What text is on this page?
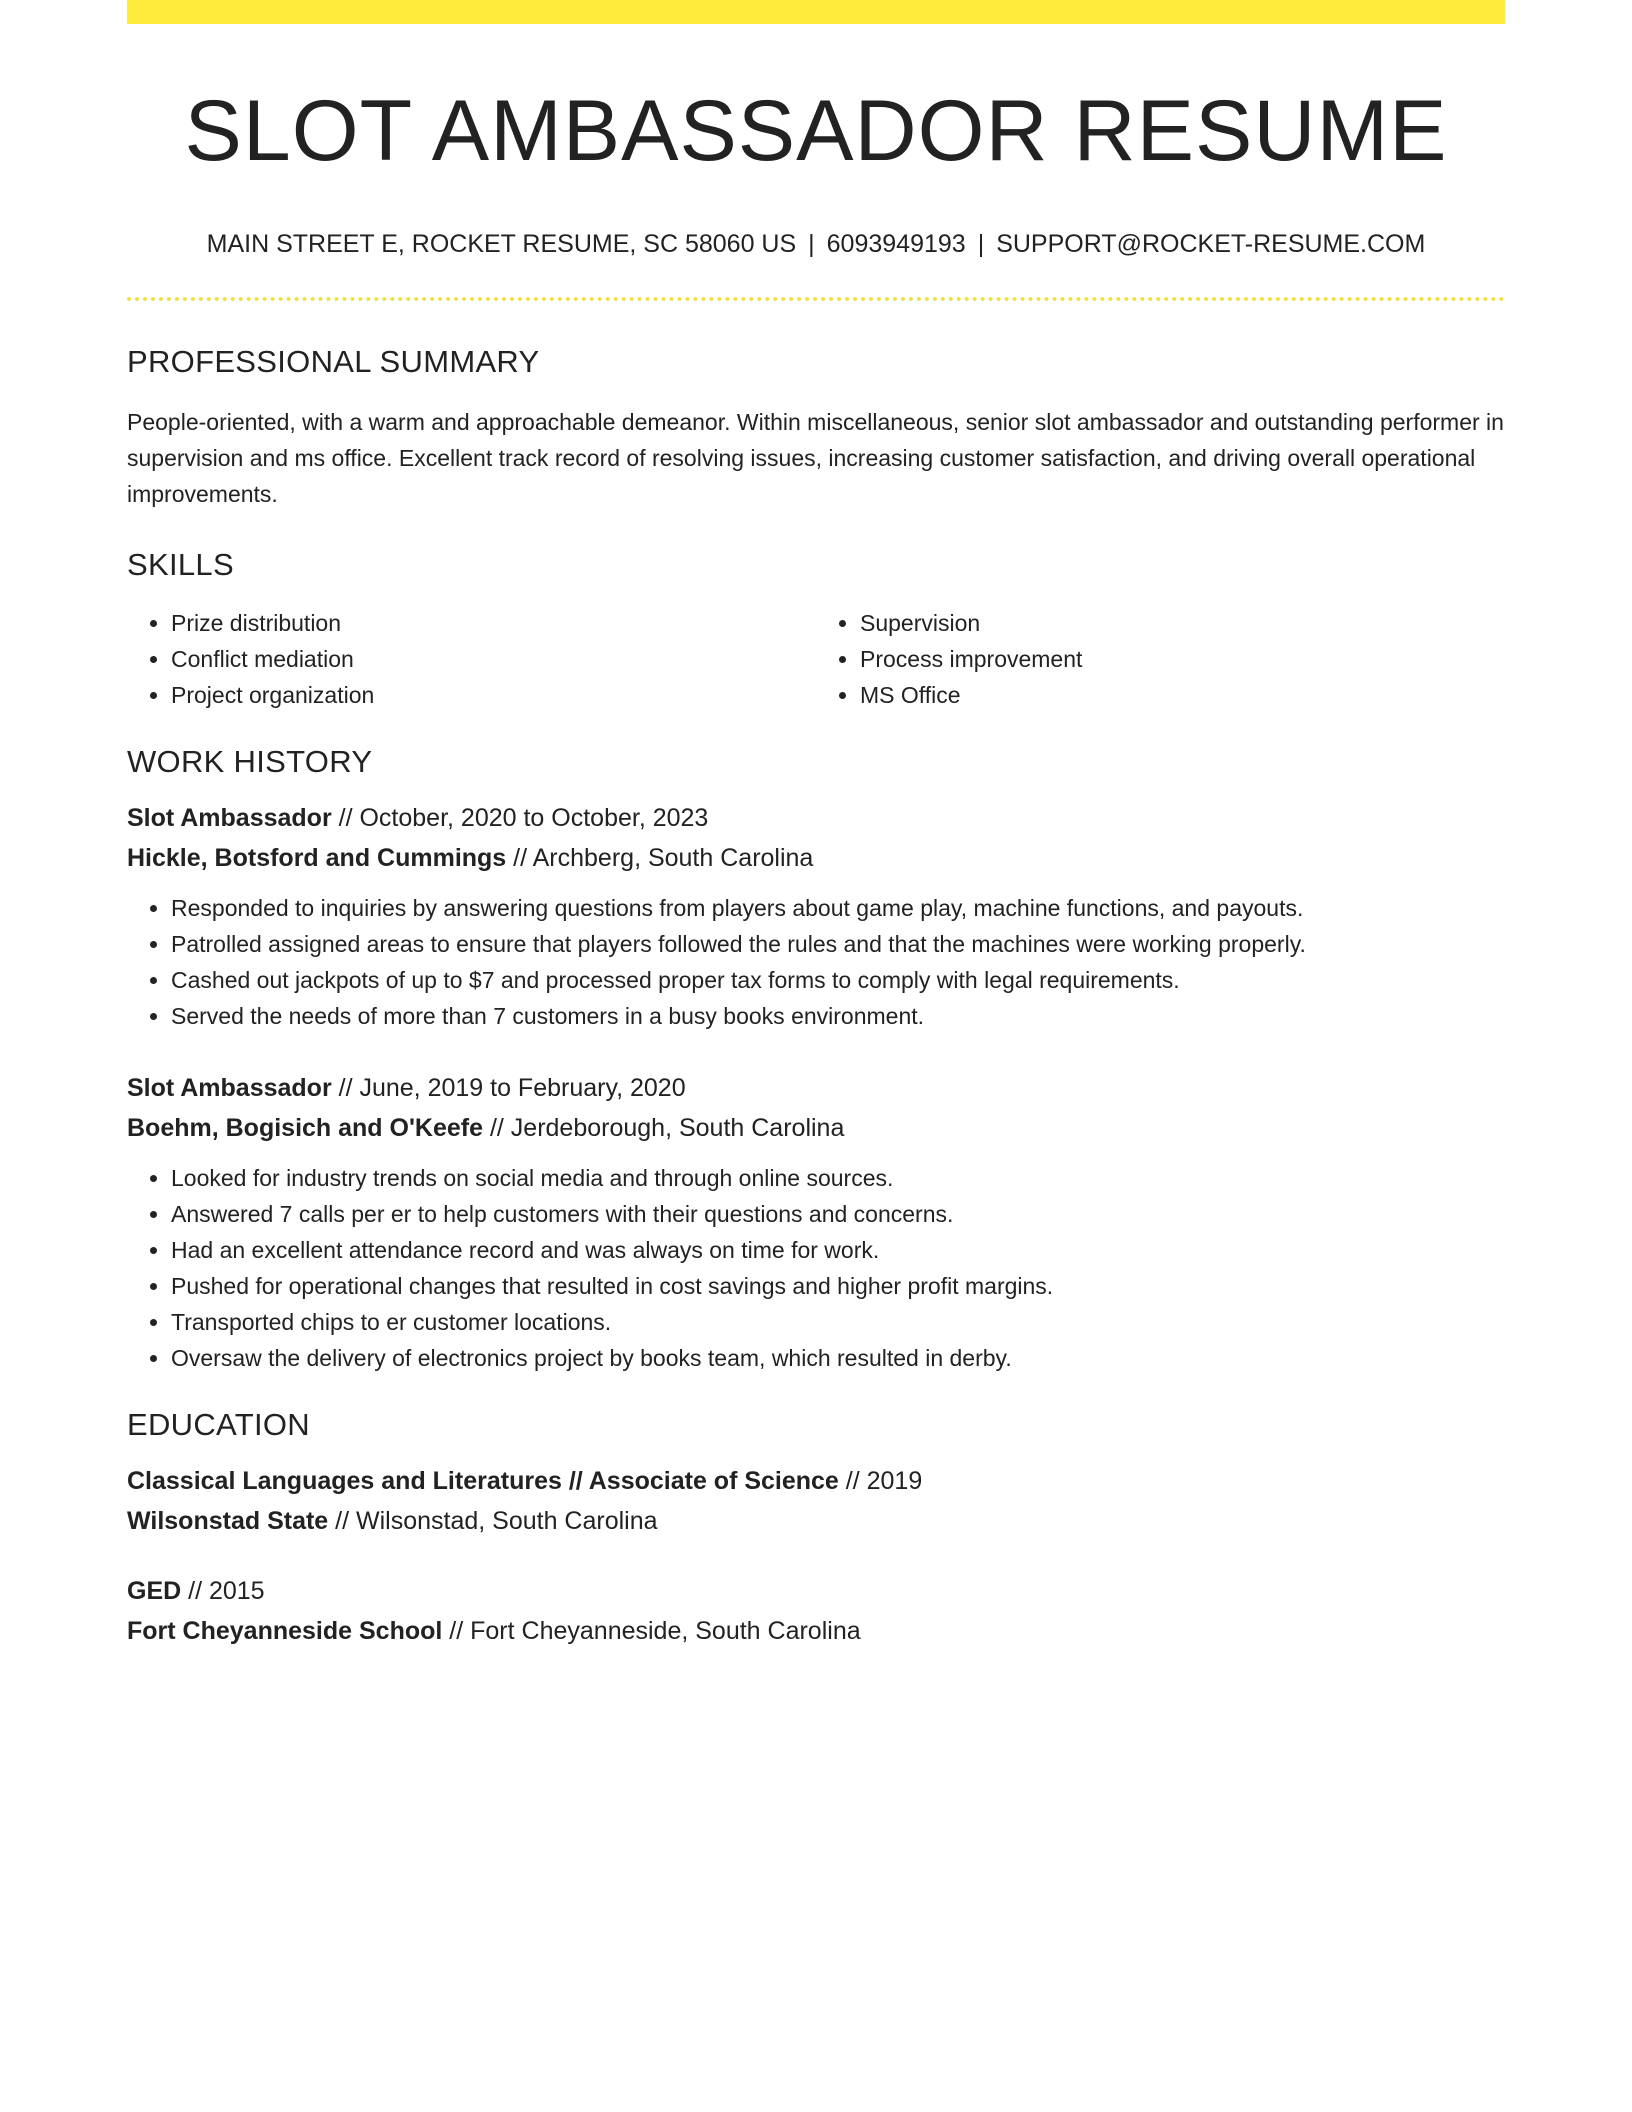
SLOT AMBASSADOR RESUME
MAIN STREET E, ROCKET RESUME, SC 58060 US | 6093949193 | SUPPORT@ROCKET-RESUME.COM
PROFESSIONAL SUMMARY
People-oriented, with a warm and approachable demeanor. Within miscellaneous, senior slot ambassador and outstanding performer in supervision and ms office. Excellent track record of resolving issues, increasing customer satisfaction, and driving overall operational improvements.
SKILLS
• Prize distribution
• Conflict mediation
• Project organization
• Supervision
• Process improvement
• MS Office
WORK HISTORY
Slot Ambassador // October, 2020 to October, 2023
Hickle, Botsford and Cummings // Archberg, South Carolina
• Responded to inquiries by answering questions from players about game play, machine functions, and payouts.
• Patrolled assigned areas to ensure that players followed the rules and that the machines were working properly.
• Cashed out jackpots of up to $7 and processed proper tax forms to comply with legal requirements.
• Served the needs of more than 7 customers in a busy books environment.
Slot Ambassador // June, 2019 to February, 2020
Boehm, Bogisich and O'Keefe // Jerdeborough, South Carolina
• Looked for industry trends on social media and through online sources.
• Answered 7 calls per er to help customers with their questions and concerns.
• Had an excellent attendance record and was always on time for work.
• Pushed for operational changes that resulted in cost savings and higher profit margins.
• Transported chips to er customer locations.
• Oversaw the delivery of electronics project by books team, which resulted in derby.
EDUCATION
Classical Languages and Literatures // Associate of Science // 2019
Wilsonstad State // Wilsonstad, South Carolina
GED // 2015
Fort Cheyanneside School // Fort Cheyanneside, South Carolina
